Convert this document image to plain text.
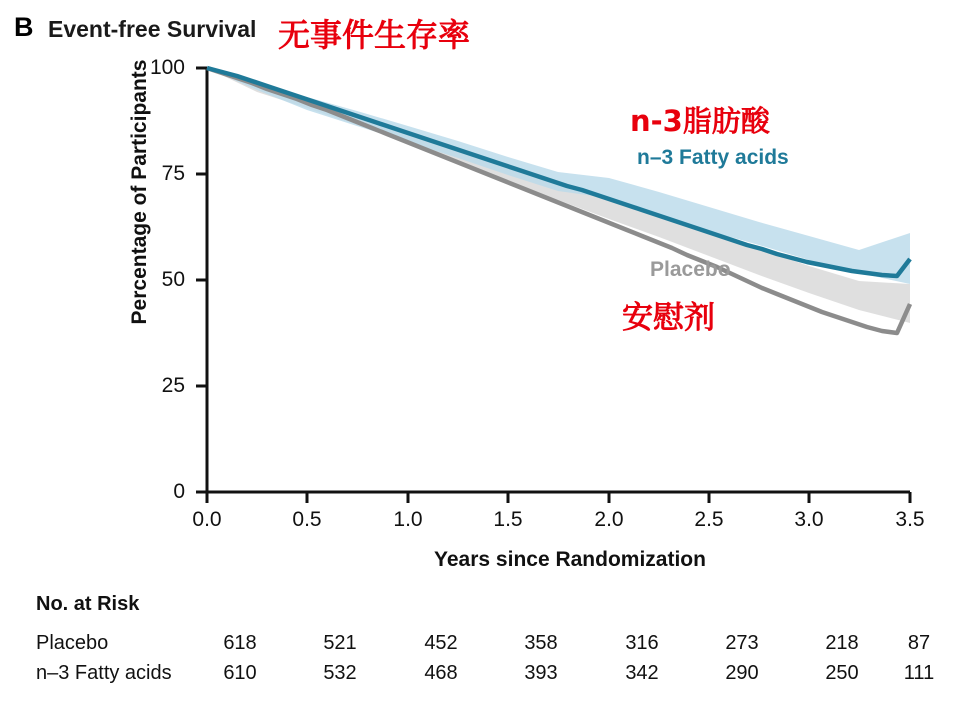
B Event-free Survival 无事件生存率
n–3 Fatty acids
Placebo
n-3脂肪酸
安慰剂
Percentage of Participants
Years since Randomization
0
25
50
75
100
0.0	0.5	1.0	1.5	2.0	2.5	3.0	3.5
No. at Risk
Placebo	618	521	452	358	316	273	218	87
n–3 Fatty acids	610	532	468	393	342	290	250	111
